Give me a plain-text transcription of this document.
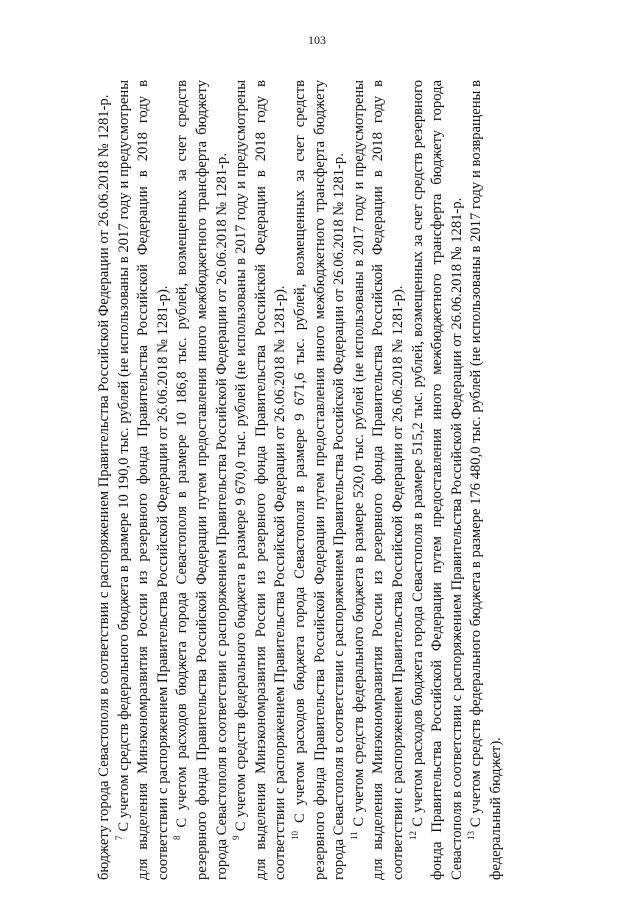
103

бюджету города Севастополя в соответствии с распоряжением Правительства Российской Федерации от 26.06.2018 № 1281-р. $^7$ С учетом средств федерального бюджета в размере 10 190,0 тыс. рублей (не использованы в 2017 году и предусмотрены для выделения Минэкономразвития России из резервного фонда Правительства Российской Федерации в 2018 году в соответствии с распоряжением Правительства Российской Федерации от 26.06.2018 № 1281-р). $^8$ С учетом расходов бюджета города Севастополя в размере 10 186,8 тыс. рублей, возмещенных за счет средств резервного фонда Правительства Российской Федерации путем предоставления иного межбюджетного трансферта бюджету города Севастополя в соответствии с распоряжением Правительства Российской Федерации от 26.06.2018 № 1281-р. $^9$ С учетом средств федерального бюджета в размере 9 670,0 тыс. рублей (не использованы в 2017 году и предусмотрены для выделения Минэкономразвития России из резервного фонда Правительства Российской Федерации в 2018 году в соответствии с распоряжением Правительства Российской Федерации от 26.06.2018 № 1281-р). $^{10}$ С учетом расходов бюджета города Севастополя в размере 9 671,6 тыс. рублей, возмещенных за счет средств резервного фонда Правительства Российской Федерации путем предоставления иного межбюджетного трансферта бюджету города Севастополя в соответствии с распоряжением Правительства Российской Федерации от 26.06.2018 № 1281-р. $^{11}$ С учетом средств федерального бюджета в размере 520,0 тыс. рублей (не использованы в 2017 году и предусмотрены для выделения Минэкономразвития России из резервного фонда Правительства Российской Федерации в 2018 году в соответствии с распоряжением Правительства Российской Федерации от 26.06.2018 № 1281-р). $^{12}$ С учетом расходов бюджета города Севастополя в размере 515,2 тыс. рублей, возмещенных за счет средств резервного фонда Правительства Российской Федерации путем предоставления иного межбюджетного трансферта бюджету города Севастополя в соответствии с распоряжением Правительства Российской Федерации от 26.06.2018 № 1281-р. $^{13}$ С учетом средств федерального бюджета в размере 176 480,0 тыс. рублей (не использованы в 2017 году и возвращены в федеральный бюджет).
